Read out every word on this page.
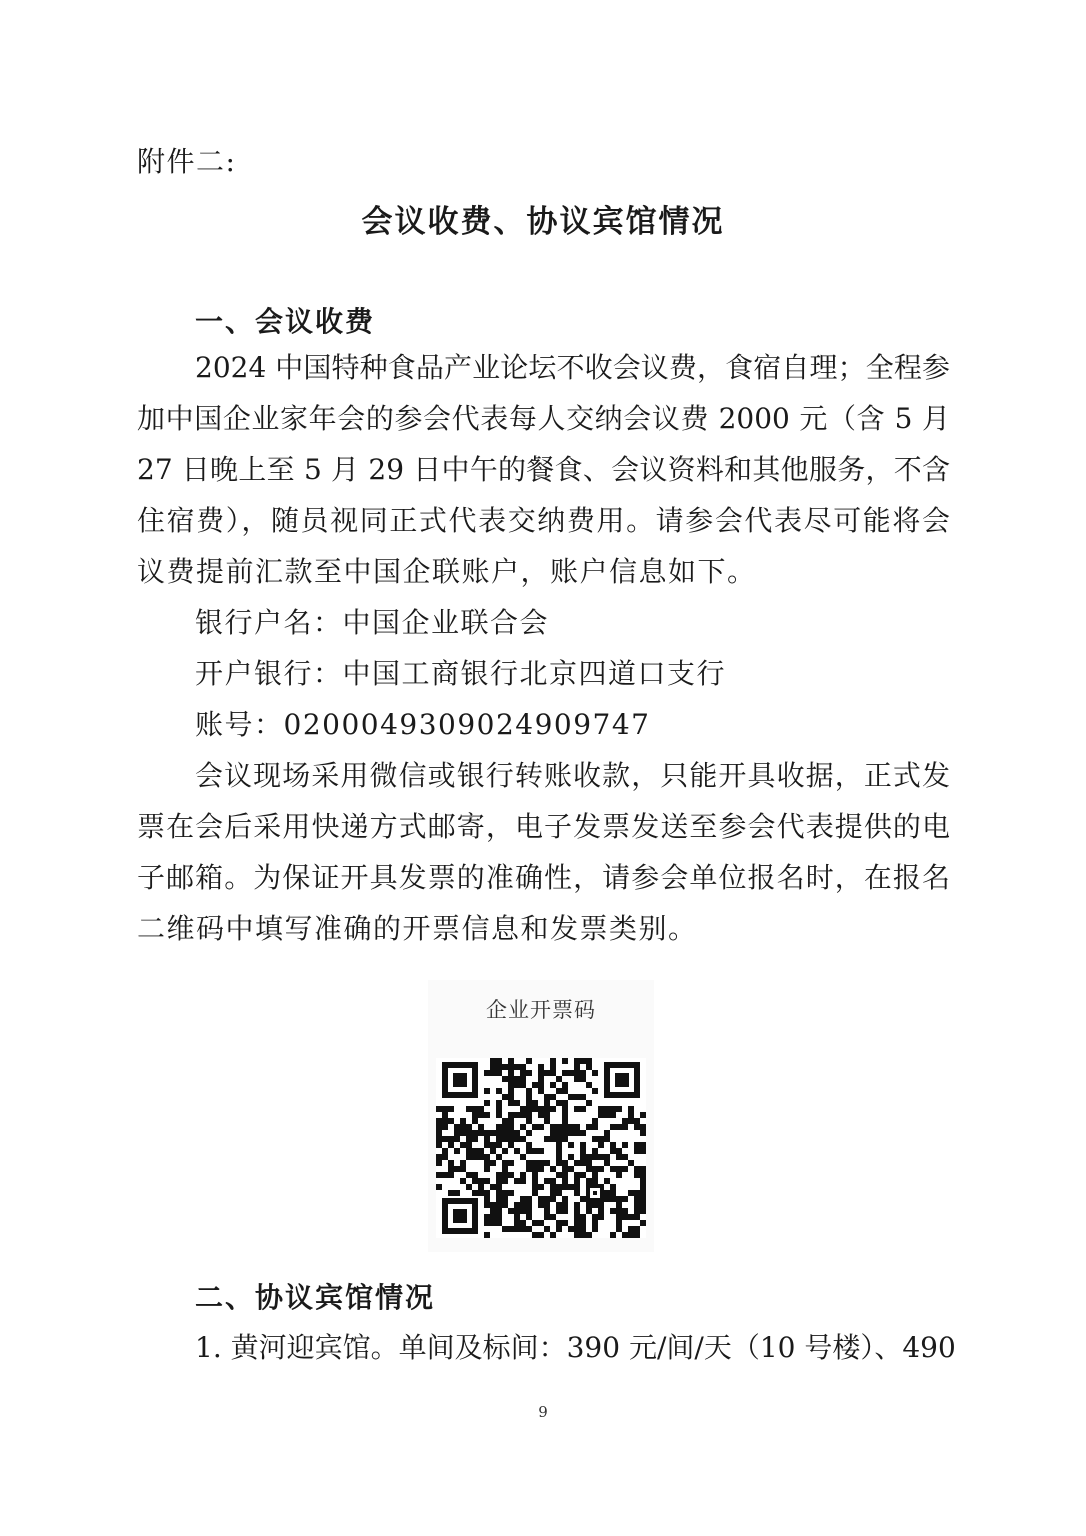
附件二:
会议收费、协议宾馆情况
一、会议收费
2024 中国特种食品产业论坛不收会议费，食宿自理；全程参
加中国企业家年会的参会代表每人交纳会议费 2000 元（含 5 月
27 日晚上至 5 月 29 日中午的餐食、会议资料和其他服务，不含
住宿费），随员视同正式代表交纳费用。请参会代表尽可能将会
议费提前汇款至中国企联账户，账户信息如下。
银行户名：中国企业联合会
开户银行：中国工商银行北京四道口支行
账号：0200049309024909747
会议现场采用微信或银行转账收款，只能开具收据，正式发
票在会后采用快递方式邮寄，电子发票发送至参会代表提供的电
子邮箱。为保证开具发票的准确性，请参会单位报名时，在报名
二维码中填写准确的开票信息和发票类别。
企业开票码
二、协议宾馆情况
1. 黄河迎宾馆。单间及标间：390 元/间/天（10 号楼）、490
9
